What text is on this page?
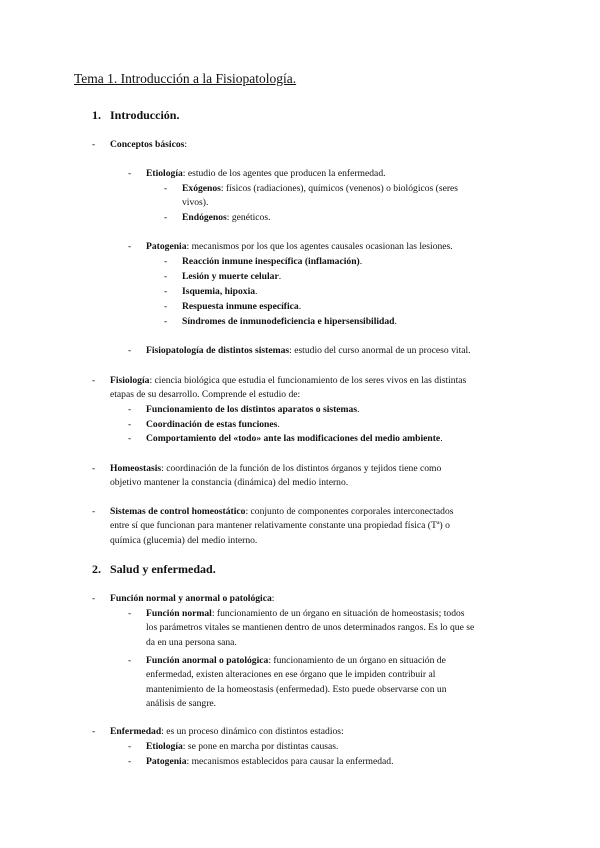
Tema 1. Introducción a la Fisiopatología.
1. Introducción.
- Conceptos básicos:
- Etiología: estudio de los agentes que producen la enfermedad.
- Exógenos: físicos (radiaciones), químicos (venenos) o biológicos (seres
vivos).
- Endógenos: genéticos.
- Patogenia: mecanismos por los que los agentes causales ocasionan las lesiones.
- Reacción inmune inespecífica (inflamación).
- Lesión y muerte celular.
- Isquemia, hipoxia.
- Respuesta inmune específica.
- Síndromes de inmunodeficiencia e hipersensibilidad.
- Fisiopatología de distintos sistemas: estudio del curso anormal de un proceso vital.
- Fisiología: ciencia biológica que estudia el funcionamiento de los seres vivos en las distintas
etapas de su desarrollo. Comprende el estudio de:
- Funcionamiento de los distintos aparatos o sistemas.
- Coordinación de estas funciones.
- Comportamiento del «todo» ante las modificaciones del medio ambiente.
- Homeostasis: coordinación de la función de los distintos órganos y tejidos tiene como
objetivo mantener la constancia (dinámica) del medio interno.
- Sistemas de control homeostático: conjunto de componentes corporales interconectados
entre sí que funcionan para mantener relativamente constante una propiedad física (Tª) o
química (glucemia) del medio interno.
2. Salud y enfermedad.
- Función normal y anormal o patológica:
- Función normal: funcionamiento de un órgano en situación de homeostasis; todos
los parámetros vitales se mantienen dentro de unos determinados rangos. Es lo que se
da en una persona sana.
- Función anormal o patológica: funcionamiento de un órgano en situación de
enfermedad, existen alteraciones en ese órgano que le impiden contribuir al
mantenimiento de la homeostasis (enfermedad). Esto puede observarse con un
análisis de sangre.
- Enfermedad: es un proceso dinámico con distintos estadios:
- Etiología: se pone en marcha por distintas causas.
- Patogenia: mecanismos establecidos para causar la enfermedad.
